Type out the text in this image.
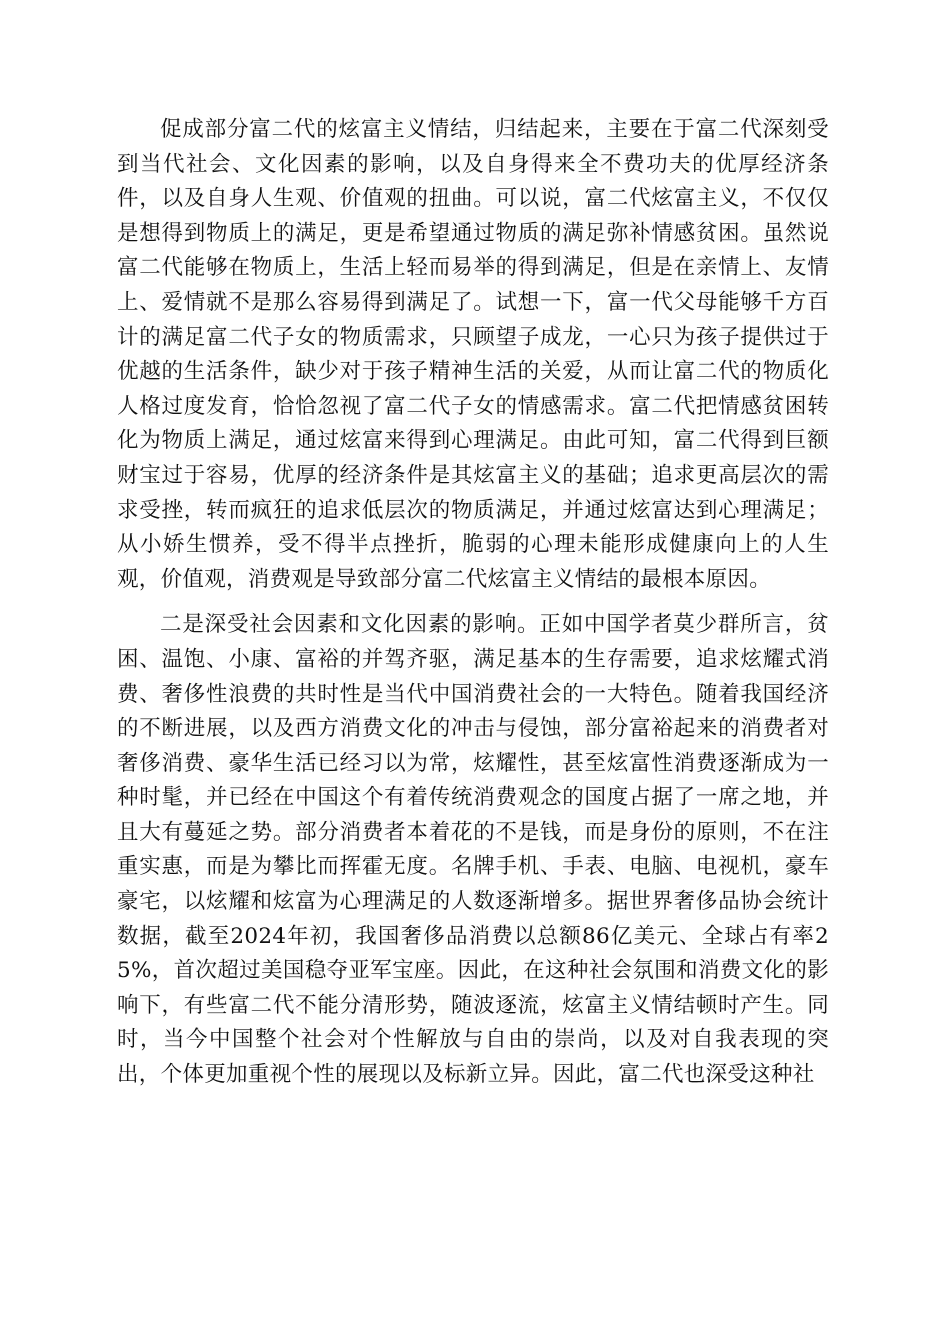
促成部分富二代的炫富主义情结，归结起来，主要在于富二代深刻受到当代社会、文化因素的影响，以及自身得来全不费功夫的优厚经济条件，以及自身人生观、价值观的扭曲。可以说，富二代炫富主义，不仅仅是想得到物质上的满足，更是希望通过物质的满足弥补情感贫困。虽然说富二代能够在物质上，生活上轻而易举的得到满足，但是在亲情上、友情上、爱情就不是那么容易得到满足了。试想一下，富一代父母能够千方百计的满足富二代子女的物质需求，只顾望子成龙，一心只为孩子提供过于优越的生活条件，缺少对于孩子精神生活的关爱，从而让富二代的物质化人格过度发育，恰恰忽视了富二代子女的情感需求。富二代把情感贫困转化为物质上满足，通过炫富来得到心理满足。由此可知，富二代得到巨额财宝过于容易，优厚的经济条件是其炫富主义的基础；追求更高层次的需求受挫，转而疯狂的追求低层次的物质满足，并通过炫富达到心理满足；从小娇生惯养，受不得半点挫折，脆弱的心理未能形成健康向上的人生观，价值观，消费观是导致部分富二代炫富主义情结的最根本原因。

二是深受社会因素和文化因素的影响。正如中国学者莫少群所言，贫困、温饱、小康、富裕的并驾齐驱，满足基本的生存需要，追求炫耀式消费、奢侈性浪费的共时性是当代中国消费社会的一大特色。随着我国经济的不断进展，以及西方消费文化的冲击与侵蚀，部分富裕起来的消费者对奢侈消费、豪华生活已经习以为常，炫耀性，甚至炫富性消费逐渐成为一种时髦，并已经在中国这个有着传统消费观念的国度占据了一席之地，并且大有蔓延之势。部分消费者本着花的不是钱，而是身份的原则，不在注重实惠，而是为攀比而挥霍无度。名牌手机、手表、电脑、电视机，豪车豪宅，以炫耀和炫富为心理满足的人数逐渐增多。据世界奢侈品协会统计数据，截至2024年初，我国奢侈品消费以总额86亿美元、全球占有率25%，首次超过美国稳夺亚军宝座。因此，在这种社会氛围和消费文化的影响下，有些富二代不能分清形势，随波逐流，炫富主义情结顿时产生。同时，当今中国整个社会对个性解放与自由的崇尚，以及对自我表现的突出，个体更加重视个性的展现以及标新立异。因此，富二代也深受这种社
